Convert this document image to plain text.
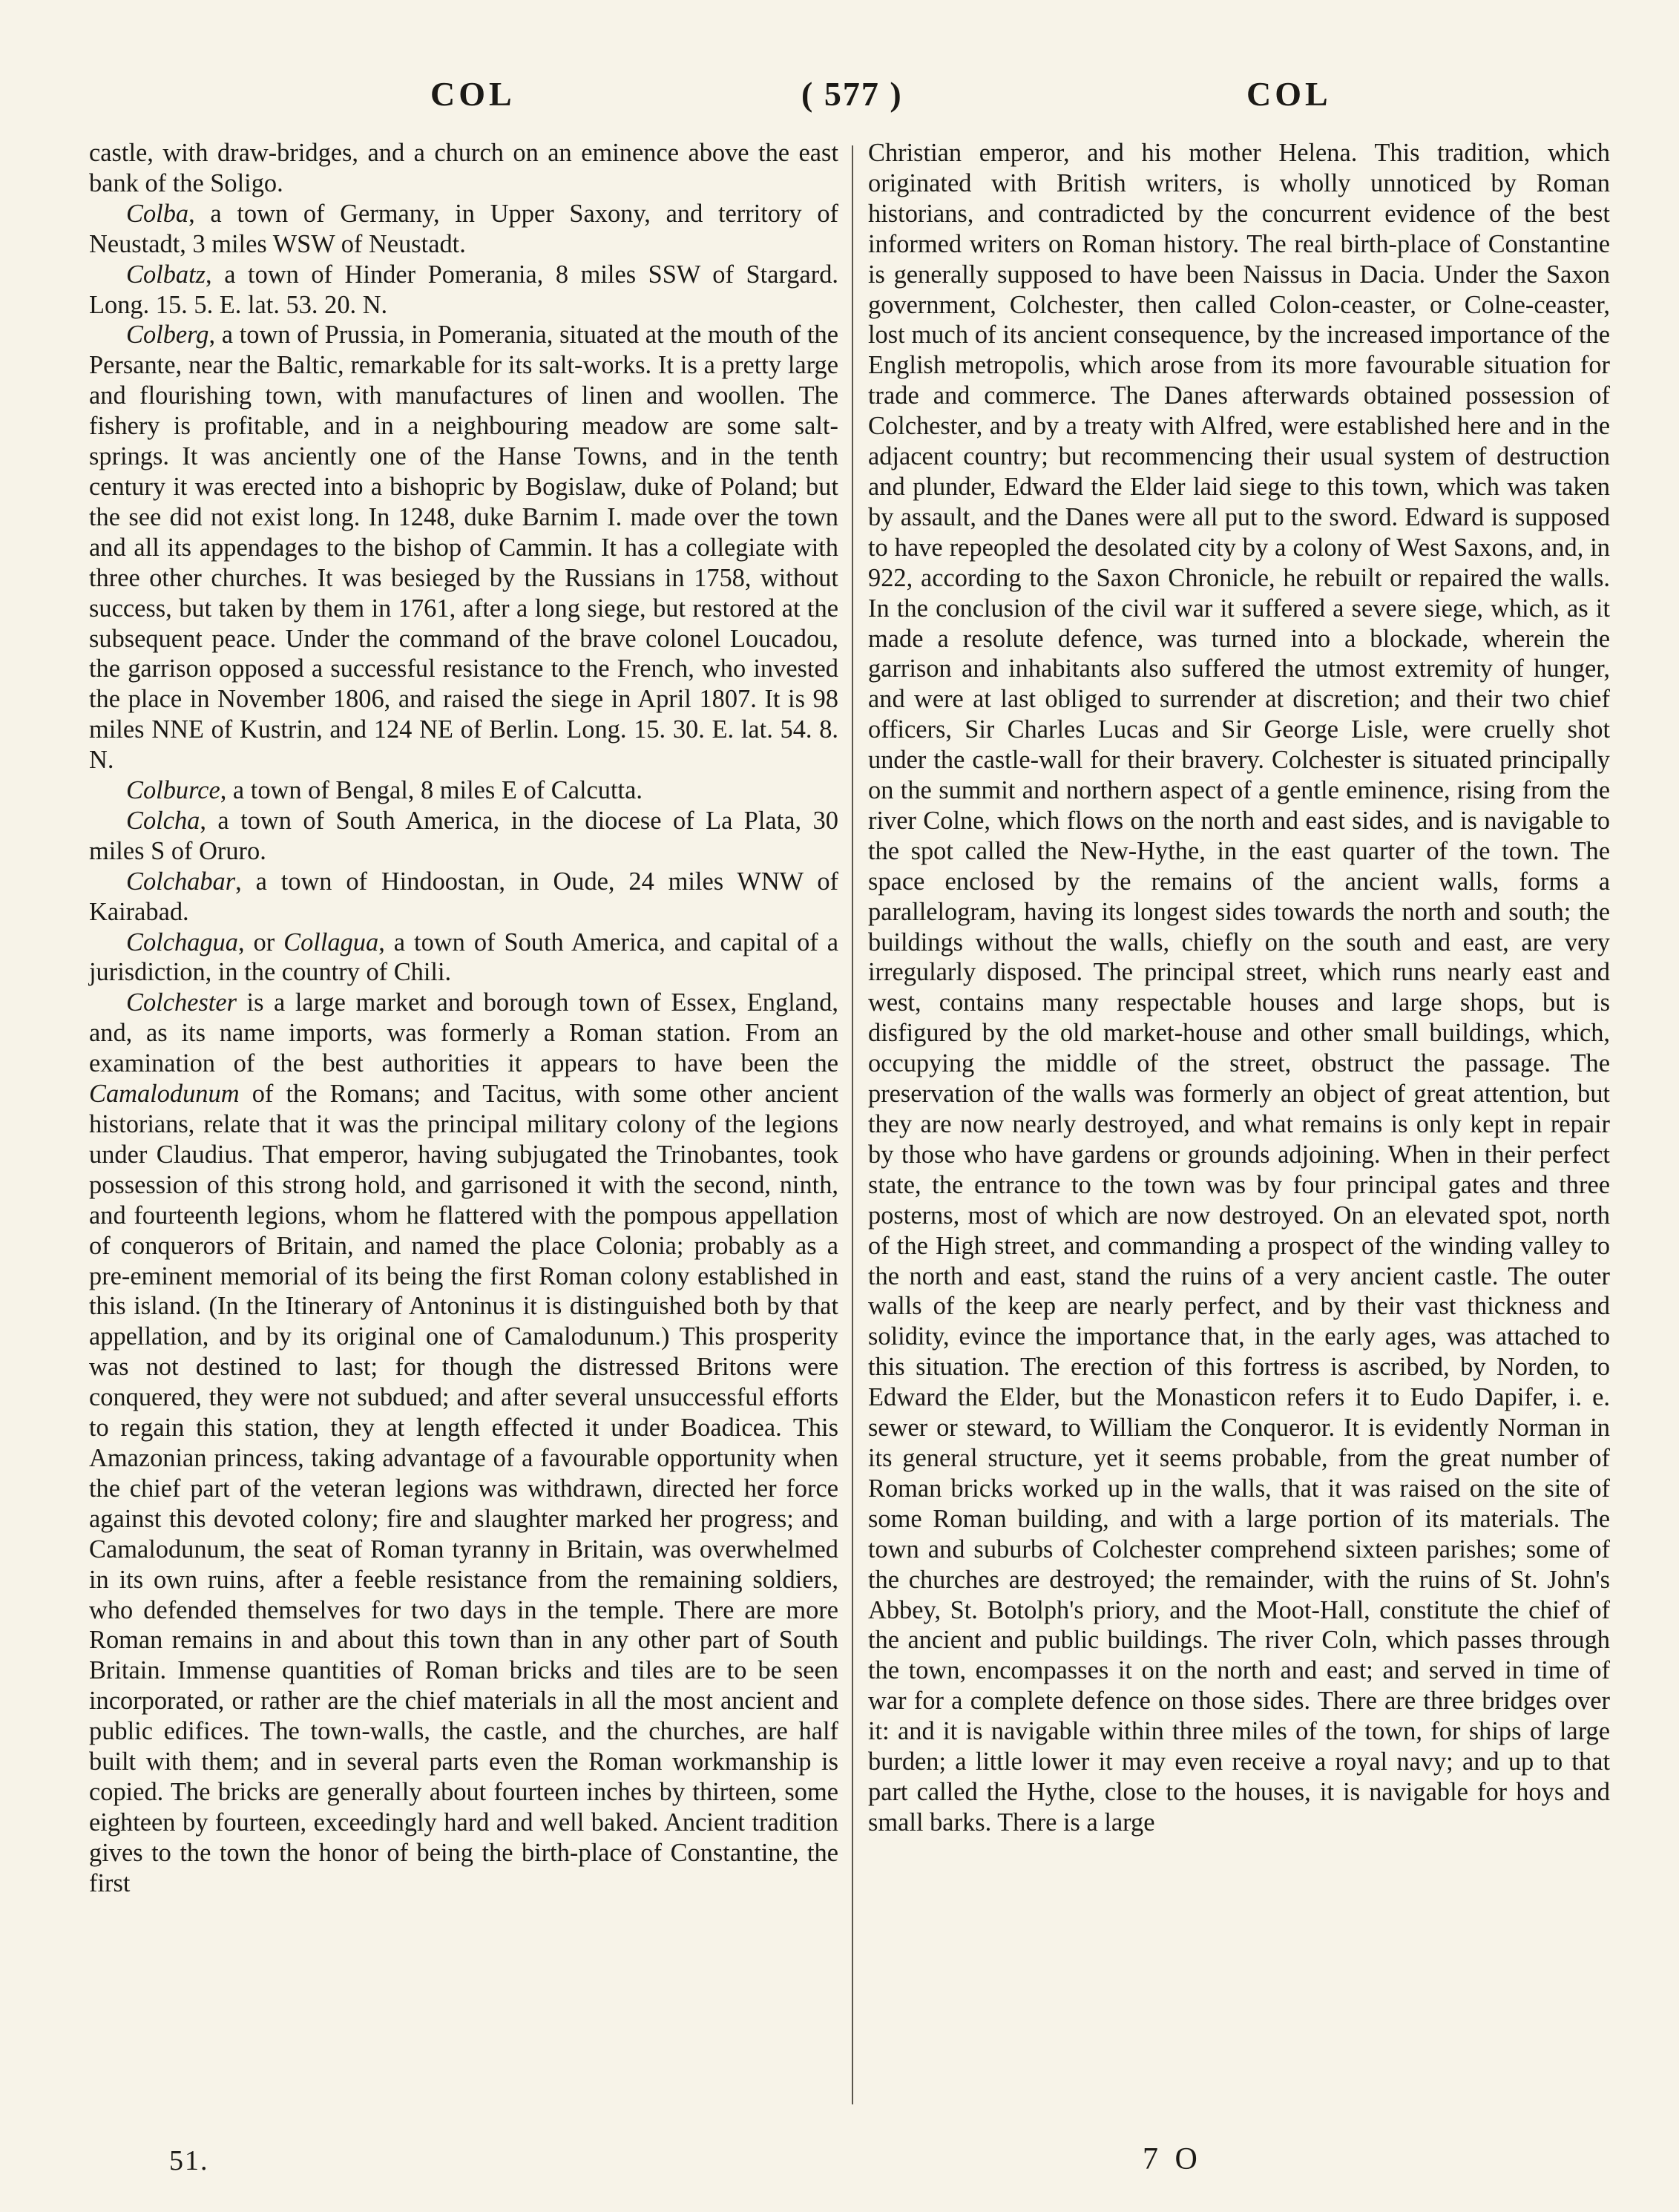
COL	( 577 )	COL

castle, with draw-bridges, and a church on an eminence above the east bank of the Soligo.

Colba, a town of Germany, in Upper Saxony, and territory of Neustadt, 3 miles WSW of Neustadt.

Colbatz, a town of Hinder Pomerania, 8 miles SSW of Stargard. Long. 15. 5. E. lat. 53. 20. N.

Colberg, a town of Prussia, in Pomerania, situated at the mouth of the Persante, near the Baltic, remarkable for its salt-works. It is a pretty large and flourishing town, with manufactures of linen and woollen. The fishery is profitable, and in a neighbouring meadow are some salt-springs. It was anciently one of the Hanse Towns, and in the tenth century it was erected into a bishopric by Bogislaw, duke of Poland; but the see did not exist long. In 1248, duke Barnim I. made over the town and all its appendages to the bishop of Cammin. It has a collegiate with three other churches. It was besieged by the Russians in 1758, without success, but taken by them in 1761, after a long siege, but restored at the subsequent peace. Under the command of the brave colonel Loucadou, the garrison opposed a successful resistance to the French, who invested the place in November 1806, and raised the siege in April 1807. It is 98 miles NNE of Kustrin, and 124 NE of Berlin. Long. 15. 30. E. lat. 54. 8. N.

Colburce, a town of Bengal, 8 miles E of Calcutta.

Colcha, a town of South America, in the diocese of La Plata, 30 miles S of Oruro.

Colchabar, a town of Hindoostan, in Oude, 24 miles WNW of Kairabad.

Colchagua, or Collagua, a town of South America, and capital of a jurisdiction, in the country of Chili.

Colchester is a large market and borough town of Essex, England, and, as its name imports, was formerly a Roman station. From an examination of the best authorities it appears to have been the Camalodunum of the Romans; and Tacitus, with some other ancient historians, relate that it was the principal military colony of the legions under Claudius. That emperor, having subjugated the Trinobantes, took possession of this strong hold, and garrisoned it with the second, ninth, and fourteenth legions, whom he flattered with the pompous appellation of conquerors of Britain, and named the place Colonia; probably as a pre-eminent memorial of its being the first Roman colony established in this island. (In the Itinerary of Antoninus it is distinguished both by that appellation, and by its original one of Camalodunum.) This prosperity was not destined to last; for though the distressed Britons were conquered, they were not subdued; and after several unsuccessful efforts to regain this station, they at length effected it under Boadicea. This Amazonian princess, taking advantage of a favourable opportunity when the chief part of the veteran legions was withdrawn, directed her force against this devoted colony; fire and slaughter marked her progress; and Camalodunum, the seat of Roman tyranny in Britain, was overwhelmed in its own ruins, after a feeble resistance from the remaining soldiers, who defended themselves for two days in the temple. There are more Roman remains in and about this town than in any other part of South Britain. Immense quantities of Roman bricks and tiles are to be seen incorporated, or rather are the chief materials in all the most ancient and public edifices. The town-walls, the castle, and the churches, are half built with them; and in several parts even the Roman workmanship is copied. The bricks are generally about fourteen inches by thirteen, some eighteen by fourteen, exceedingly hard and well baked. Ancient tradition gives to the town the honor of being the birth-place of Constantine, the first

Christian emperor, and his mother Helena. This tradition, which originated with British writers, is wholly unnoticed by Roman historians, and contradicted by the concurrent evidence of the best informed writers on Roman history. The real birth-place of Constantine is generally supposed to have been Naissus in Dacia. Under the Saxon government, Colchester, then called Colon-ceaster, or Colne-ceaster, lost much of its ancient consequence, by the increased importance of the English metropolis, which arose from its more favourable situation for trade and commerce. The Danes afterwards obtained possession of Colchester, and by a treaty with Alfred, were established here and in the adjacent country; but recommencing their usual system of destruction and plunder, Edward the Elder laid siege to this town, which was taken by assault, and the Danes were all put to the sword. Edward is supposed to have repeopled the desolated city by a colony of West Saxons, and, in 922, according to the Saxon Chronicle, he rebuilt or repaired the walls. In the conclusion of the civil war it suffered a severe siege, which, as it made a resolute defence, was turned into a blockade, wherein the garrison and inhabitants also suffered the utmost extremity of hunger, and were at last obliged to surrender at discretion; and their two chief officers, Sir Charles Lucas and Sir George Lisle, were cruelly shot under the castle-wall for their bravery. Colchester is situated principally on the summit and northern aspect of a gentle eminence, rising from the river Colne, which flows on the north and east sides, and is navigable to the spot called the New-Hythe, in the east quarter of the town. The space enclosed by the remains of the ancient walls, forms a parallelogram, having its longest sides towards the north and south; the buildings without the walls, chiefly on the south and east, are very irregularly disposed. The principal street, which runs nearly east and west, contains many respectable houses and large shops, but is disfigured by the old market-house and other small buildings, which, occupying the middle of the street, obstruct the passage. The preservation of the walls was formerly an object of great attention, but they are now nearly destroyed, and what remains is only kept in repair by those who have gardens or grounds adjoining. When in their perfect state, the entrance to the town was by four principal gates and three posterns, most of which are now destroyed. On an elevated spot, north of the High street, and commanding a prospect of the winding valley to the north and east, stand the ruins of a very ancient castle. The outer walls of the keep are nearly perfect, and by their vast thickness and solidity, evince the importance that, in the early ages, was attached to this situation. The erection of this fortress is ascribed, by Norden, to Edward the Elder, but the Monasticon refers it to Eudo Dapifer, i. e. sewer or steward, to William the Conqueror. It is evidently Norman in its general structure, yet it seems probable, from the great number of Roman bricks worked up in the walls, that it was raised on the site of some Roman building, and with a large portion of its materials. The town and suburbs of Colchester comprehend sixteen parishes; some of the churches are destroyed; the remainder, with the ruins of St. John's Abbey, St. Botolph's priory, and the Moot-Hall, constitute the chief of the ancient and public buildings. The river Coln, which passes through the town, encompasses it on the north and east; and served in time of war for a complete defence on those sides. There are three bridges over it: and it is navigable within three miles of the town, for ships of large burden; a little lower it may even receive a royal navy; and up to that part called the Hythe, close to the houses, it is navigable for hoys and small barks. There is a large

51.	7 O
